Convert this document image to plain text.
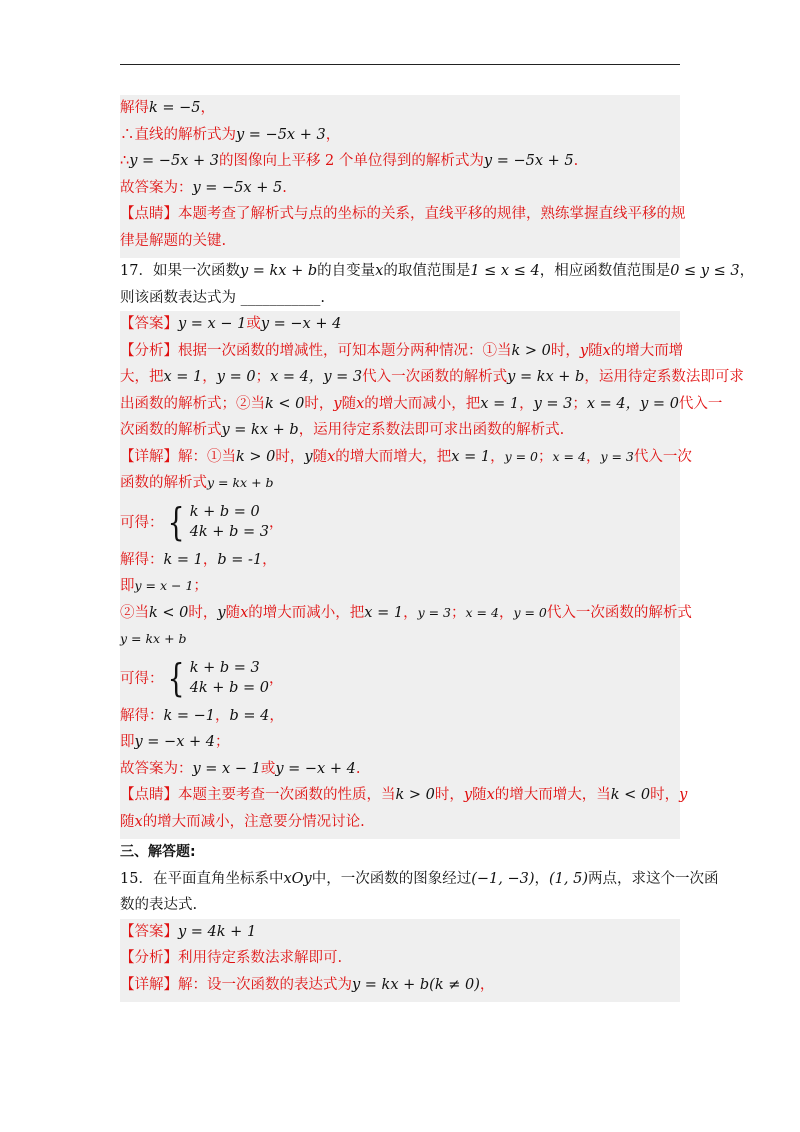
解得k = −5，
∴直线的解析式为y = −5x + 3，
∴y = −5x + 3的图像向上平移 2 个单位得到的解析式为y = −5x + 5.
故答案为：y = −5x + 5.
【点睛】本题考查了解析式与点的坐标的关系，直线平移的规律，熟练掌握直线平移的规
律是解题的关键.
17．如果一次函数y = kx + b的自变量x的取值范围是1 ≤ x ≤ 4，相应函数值范围是0 ≤ y ≤ 3，
则该函数表达式为 ___________.
【答案】y = x − 1或y = −x + 4
【分析】根据一次函数的增减性，可知本题分两种情况：①当k > 0时，y随x的增大而增
大，把x = 1，y = 0；x = 4，y = 3代入一次函数的解析式y = kx + b，运用待定系数法即可求
出函数的解析式；②当k < 0时，y随x的增大而减小，把x = 1，y = 3；x = 4，y = 0代入一
次函数的解析式y = kx + b，运用待定系数法即可求出函数的解析式.
【详解】解：①当k > 0时，y随x的增大而增大，把x = 1，y = 0；x = 4，y = 3代入一次
函数的解析式y = kx + b
可得： { k + b = 0
4k + b = 3
，
解得：k = 1，b = -1，
即y = x − 1；
②当k < 0时，y随x的增大而减小，把x = 1，y = 3；x = 4，y = 0代入一次函数的解析式
y = kx + b
可得： { k + b = 3
4k + b = 0
，
解得：k = −1，b = 4，
即y = −x + 4；
故答案为：y = x − 1或y = −x + 4.
【点睛】本题主要考查一次函数的性质，当k > 0时，y随x的增大而增大，当k < 0时，y
随x的增大而减小，注意要分情况讨论.
三、解答题:
15．在平面直角坐标系中xOy中，一次函数的图象经过(−1, −3)，(1, 5)两点，求这个一次函
数的表达式.
【答案】y = 4k + 1
【分析】利用待定系数法求解即可.
【详解】解：设一次函数的表达式为y = kx + b(k ≠ 0)，
